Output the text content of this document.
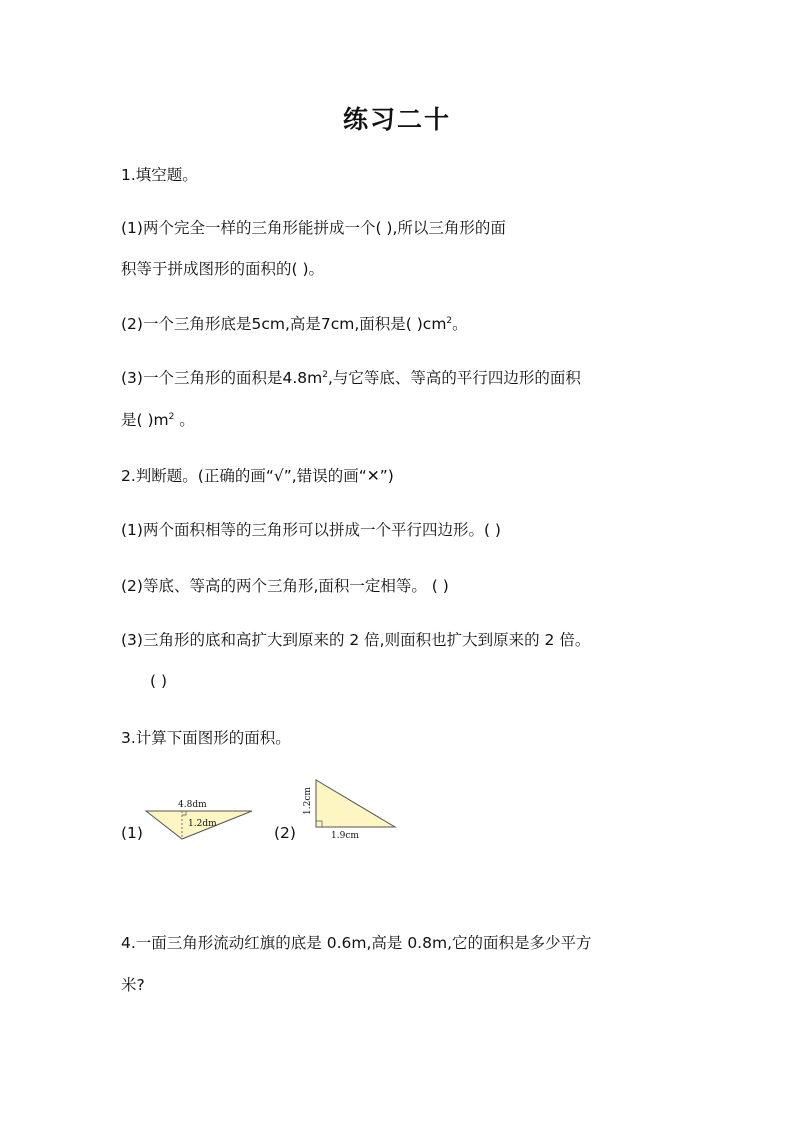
练习二十
1.填空题。
(1)两个完全一样的三角形能拼成一个( ),所以三角形的面
积等于拼成图形的面积的( )。
(2)一个三角形底是5cm,高是7cm,面积是( )$cm^2$。
(3)一个三角形的面积是$4.8m^2$,与它等底、等高的平行四边形的面积
是( )$m^2$ 。
2.判断题。(正确的画“√”,错误的画“✕”)
(1)两个面积相等的三角形可以拼成一个平行四边形。( )
(2)等底、等高的两个三角形,面积一定相等。 ( )
(3)三角形的底和高扩大到原来的 2 倍,则面积也扩大到原来的 2 倍。
( )
3.计算下面图形的面积。
(1)
4.8dm
1.2dm	(2)
1.2cm
1.9cm
4.一面三角形流动红旗的底是 0.6m,高是 0.8m,它的面积是多少平方
米?
